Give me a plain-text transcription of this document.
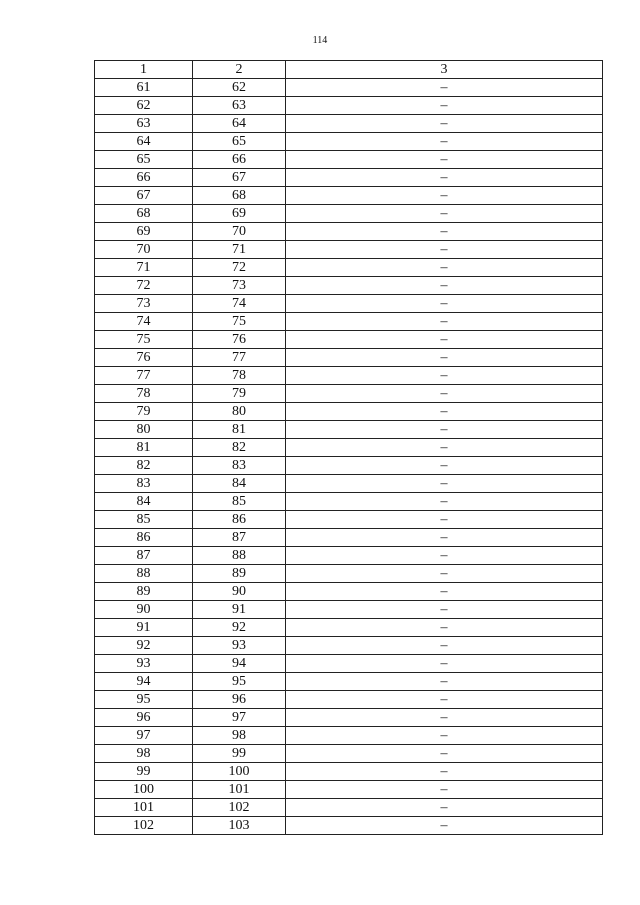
114
1	2	3
61	62	–
62	63	–
63	64	–
64	65	–
65	66	–
66	67	–
67	68	–
68	69	–
69	70	–
70	71	–
71	72	–
72	73	–
73	74	–
74	75	–
75	76	–
76	77	–
77	78	–
78	79	–
79	80	–
80	81	–
81	82	–
82	83	–
83	84	–
84	85	–
85	86	–
86	87	–
87	88	–
88	89	–
89	90	–
90	91	–
91	92	–
92	93	–
93	94	–
94	95	–
95	96	–
96	97	–
97	98	–
98	99	–
99	100	–
100	101	–
101	102	–
102	103	–
